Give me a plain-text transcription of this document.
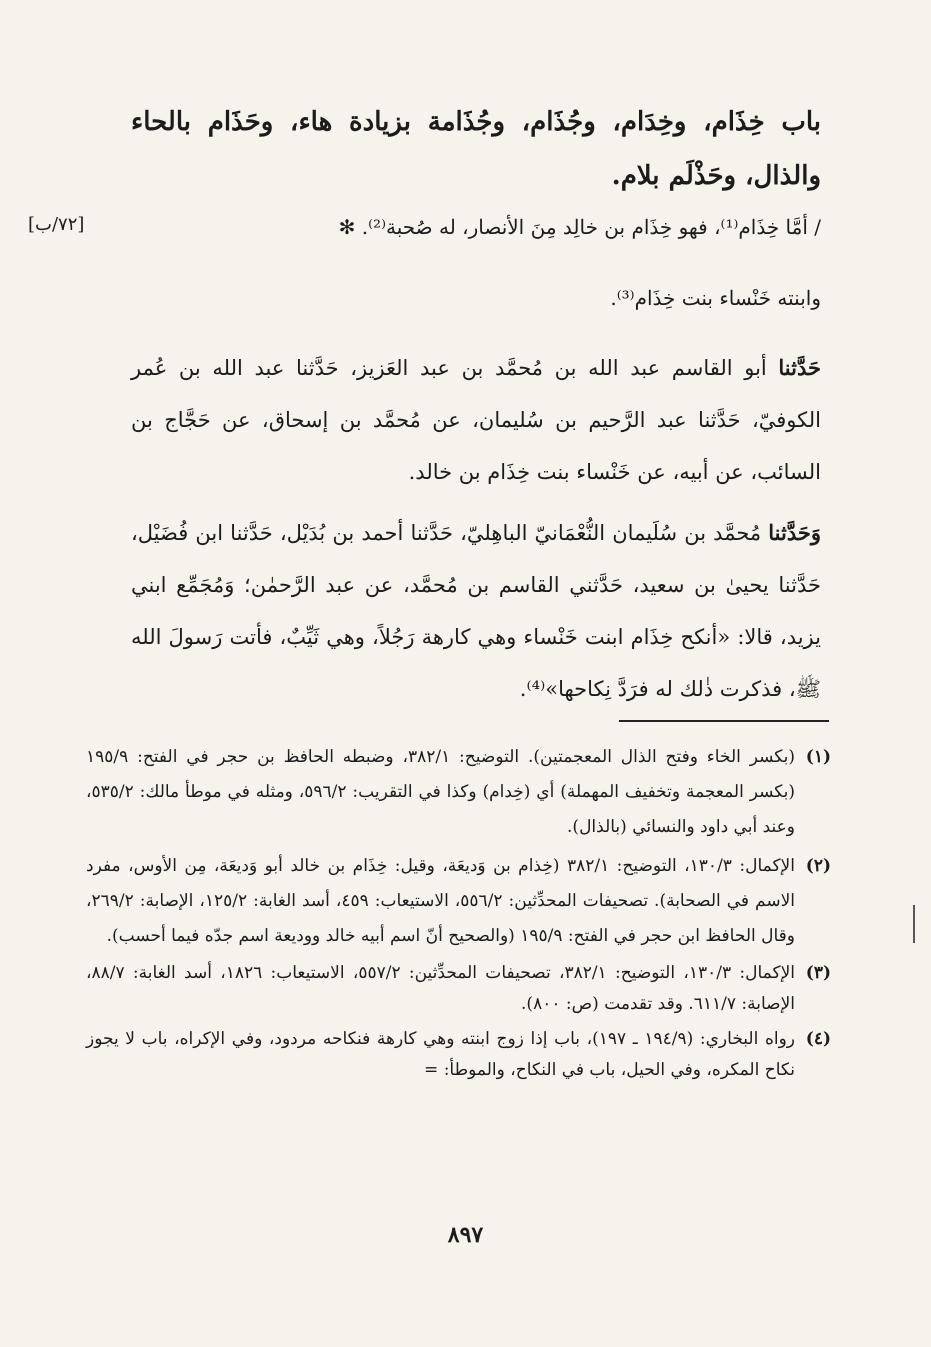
باب خِذَام، وخِدَام، وجُذَام، وجُذَامة بزيادة هاء، وحَذَام بالحاء والذال، وحَذْلَم بلام.
/ أمَّا خِذَام⁽¹⁾، فهو خِذَام بن خالِد مِنَ الأنصار، له صُحبة⁽²⁾. ✻
[٧٢/ب]
وابنته خَنْساء بنت خِذَام⁽³⁾.
حَدَّثنا أبو القاسم عبد الله بن مُحمَّد بن عبد العَزيز، حَدَّثنا عبد الله بن عُمر الكوفيّ، حَدَّثنا عبد الرَّحيم بن سُليمان، عن مُحمَّد بن إسحاق، عن حَجَّاج بن السائب، عن أبيه، عن خَنْساء بنت خِذَام بن خالد.
وَحَدَّثنا مُحمَّد بن سُلَيمان النُّعْمَانيّ الباهِليّ، حَدَّثنا أحمد بن بُدَيْل، حَدَّثنا ابن فُضَيْل، حَدَّثنا يحيىٰ بن سعيد، حَدَّثني القاسم بن مُحمَّد، عن عبد الرَّحمٰن؛ وَمُجَمِّع ابني يزيد، قالا: «أنكح خِذَام ابنت خَنْساء وهي كارهة رَجُلاً، وهي ثَيِّبٌ، فأتت رَسولَ الله ﷺ، فذكرت ذٰلك له فرَدَّ نِكاحها»⁽⁴⁾.
(١)
(بكسر الخاء وفتح الذال المعجمتين). التوضيح: ٣٨٢/١، وضبطه الحافظ بن حجر في الفتح: ١٩٥/٩ (بكسر المعجمة وتخفيف المهملة) أي (خِدام) وكذا في التقريب: ٥٩٦/٢، ومثله في موطأ مالك: ٥٣٥/٢، وعند أبي داود والنسائي (بالذال).
(٢)
الإكمال: ١٣٠/٣، التوضيح: ٣٨٢/١ (خِذام بن وَديعَة، وقيل: خِذَام بن خالد أبو وَديعَة، مِن الأوس، مفرد الاسم في الصحابة). تصحيفات المحدِّثين: ٥٥٦/٢، الاستيعاب: ٤٥٩، أسد الغابة: ١٢٥/٢، الإصابة: ٢٦٩/٢، وقال الحافظ ابن حجر في الفتح: ١٩٥/٩ (والصحيح أنّ اسم أبيه خالد ووديعة اسم جدّه فيما أحسب).
(٣)
الإكمال: ١٣٠/٣، التوضيح: ٣٨٢/١، تصحيفات المحدِّثين: ٥٥٧/٢، الاستيعاب: ١٨٢٦، أسد الغابة: ٨٨/٧، الإصابة: ٦١١/٧. وقد تقدمت (ص: ٨٠٠).
(٤)
رواه البخاري: (١٩٤/٩ ـ ١٩٧)، باب إذا زوج ابنته وهي كارهة فنكاحه مردود، وفي الإكراه، باب لا يجوز نكاح المكره، وفي الحيل، باب في النكاح، والموطأ: =
٨٩٧
